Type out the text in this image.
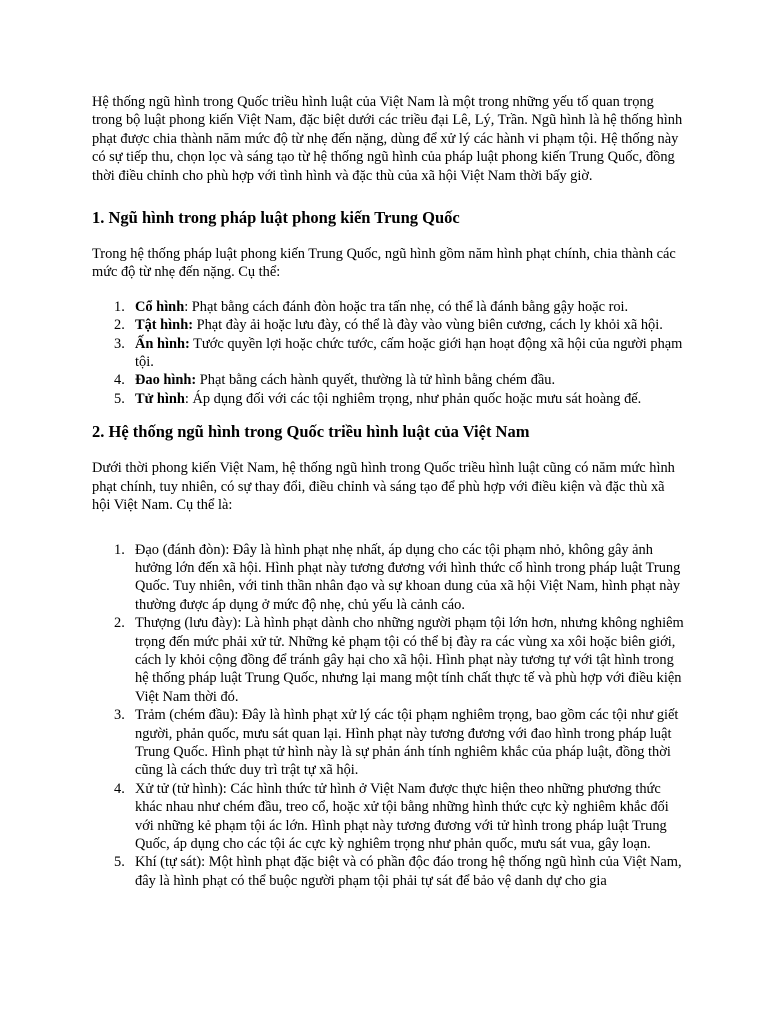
Hệ thống ngũ hình trong Quốc triều hình luật của Việt Nam là một trong những yếu tố quan trọng trong bộ luật phong kiến Việt Nam, đặc biệt dưới các triều đại Lê, Lý, Trần. Ngũ hình là hệ thống hình phạt được chia thành năm mức độ từ nhẹ đến nặng, dùng để xử lý các hành vi phạm tội. Hệ thống này có sự tiếp thu, chọn lọc và sáng tạo từ hệ thống ngũ hình của pháp luật phong kiến Trung Quốc, đồng thời điều chỉnh cho phù hợp với tình hình và đặc thù của xã hội Việt Nam thời bấy giờ.

1. Ngũ hình trong pháp luật phong kiến Trung Quốc

Trong hệ thống pháp luật phong kiến Trung Quốc, ngũ hình gồm năm hình phạt chính, chia thành các mức độ từ nhẹ đến nặng. Cụ thể:

1. Cổ hình: Phạt bằng cách đánh đòn hoặc tra tấn nhẹ, có thể là đánh bằng gậy hoặc roi.
2. Tật hình: Phạt đày ải hoặc lưu đày, có thể là đày vào vùng biên cương, cách ly khỏi xã hội.
3. Ấn hình: Tước quyền lợi hoặc chức tước, cấm hoặc giới hạn hoạt động xã hội của người phạm tội.
4. Đao hình: Phạt bằng cách hành quyết, thường là tử hình bằng chém đầu.
5. Tử hình: Áp dụng đối với các tội nghiêm trọng, như phản quốc hoặc mưu sát hoàng đế.
2. Hệ thống ngũ hình trong Quốc triều hình luật của Việt Nam

Dưới thời phong kiến Việt Nam, hệ thống ngũ hình trong Quốc triều hình luật cũng có năm mức hình phạt chính, tuy nhiên, có sự thay đổi, điều chỉnh và sáng tạo để phù hợp với điều kiện và đặc thù xã hội Việt Nam. Cụ thể là:

1. Đạo (đánh đòn): Đây là hình phạt nhẹ nhất, áp dụng cho các tội phạm nhỏ, không gây ảnh hưởng lớn đến xã hội. Hình phạt này tương đương với hình thức cổ hình trong pháp luật Trung Quốc. Tuy nhiên, với tinh thần nhân đạo và sự khoan dung của xã hội Việt Nam, hình phạt này thường được áp dụng ở mức độ nhẹ, chủ yếu là cảnh cáo.
2. Thượng (lưu đày): Là hình phạt dành cho những người phạm tội lớn hơn, nhưng không nghiêm trọng đến mức phải xử tử. Những kẻ phạm tội có thể bị đày ra các vùng xa xôi hoặc biên giới, cách ly khỏi cộng đồng để tránh gây hại cho xã hội. Hình phạt này tương tự với tật hình trong hệ thống pháp luật Trung Quốc, nhưng lại mang một tính chất thực tế và phù hợp với điều kiện Việt Nam thời đó.
3. Trảm (chém đầu): Đây là hình phạt xử lý các tội phạm nghiêm trọng, bao gồm các tội như giết người, phản quốc, mưu sát quan lại. Hình phạt này tương đương với đao hình trong pháp luật Trung Quốc. Hình phạt tử hình này là sự phản ánh tính nghiêm khắc của pháp luật, đồng thời cũng là cách thức duy trì trật tự xã hội.
4. Xử tử (tử hình): Các hình thức tử hình ở Việt Nam được thực hiện theo những phương thức khác nhau như chém đầu, treo cổ, hoặc xử tội bằng những hình thức cực kỳ nghiêm khắc đối với những kẻ phạm tội ác lớn. Hình phạt này tương đương với tử hình trong pháp luật Trung Quốc, áp dụng cho các tội ác cực kỳ nghiêm trọng như phản quốc, mưu sát vua, gây loạn.
5. Khí (tự sát): Một hình phạt đặc biệt và có phần độc đáo trong hệ thống ngũ hình của Việt Nam, đây là hình phạt có thể buộc người phạm tội phải tự sát để bảo vệ danh dự cho gia
